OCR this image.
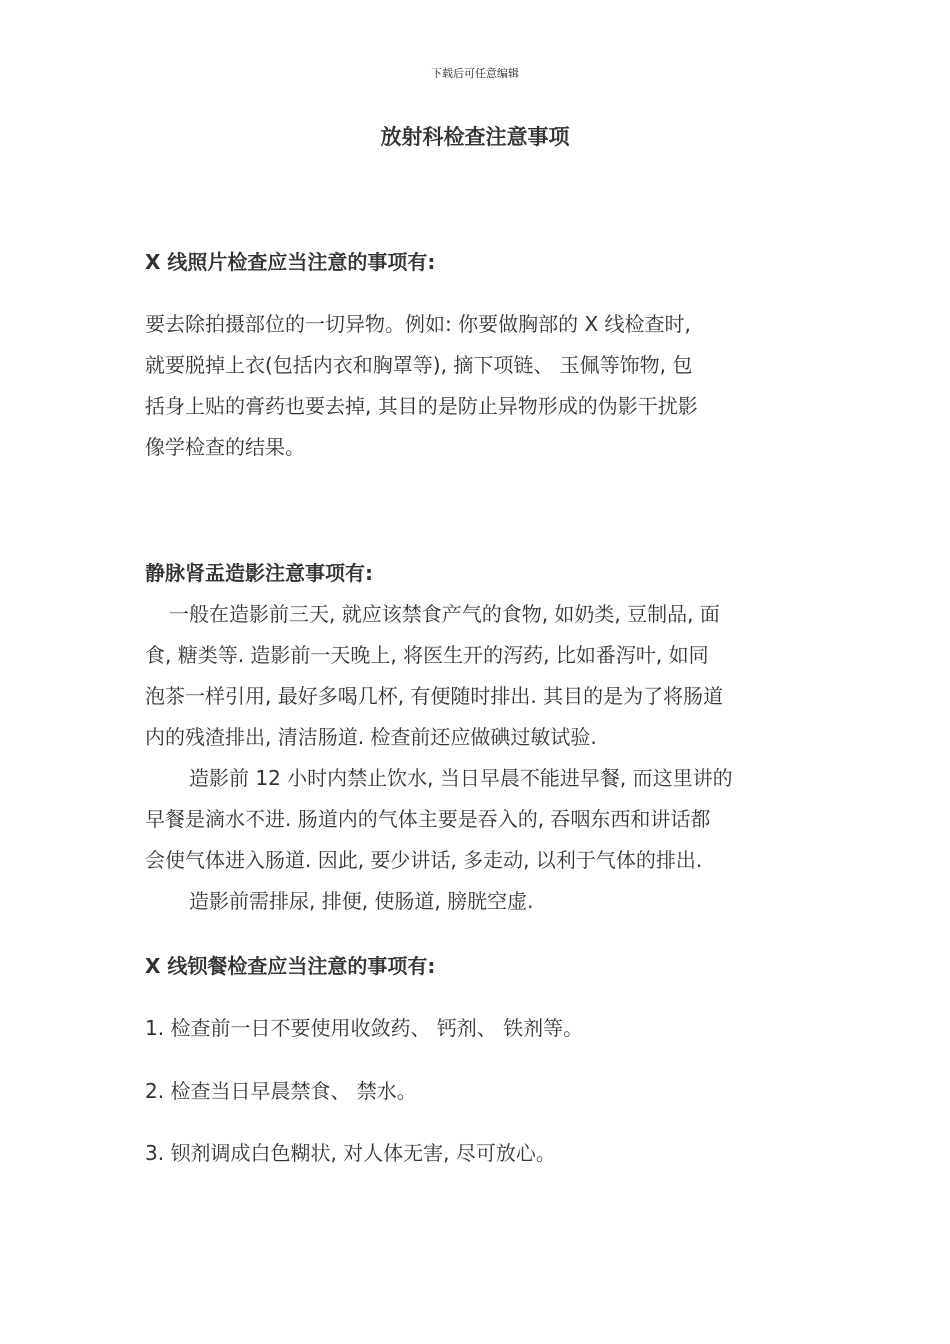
下载后可任意编辑
放射科检查注意事项
X 线照片检查应当注意的事项有:
要去除拍摄部位的一切异物。例如: 你要做胸部的 X 线检查时,
就要脱掉上衣(包括内衣和胸罩等), 摘下项链、 玉佩等饰物, 包
括身上贴的膏药也要去掉, 其目的是防止异物形成的伪影干扰影
像学检查的结果。
静脉肾盂造影注意事项有:
一般在造影前三天, 就应该禁食产气的食物, 如奶类, 豆制品, 面
食, 糖类等. 造影前一天晚上, 将医生开的泻药, 比如番泻叶, 如同
泡茶一样引用, 最好多喝几杯, 有便随时排出. 其目的是为了将肠道
内的残渣排出, 清洁肠道. 检查前还应做碘过敏试验.
造影前 12 小时内禁止饮水, 当日早晨不能进早餐, 而这里讲的
早餐是滴水不进. 肠道内的气体主要是吞入的, 吞咽东西和讲话都
会使气体进入肠道. 因此, 要少讲话, 多走动, 以利于气体的排出.
造影前需排尿, 排便, 使肠道, 膀胱空虚.
X 线钡餐检查应当注意的事项有:
1. 检查前一日不要使用收敛药、 钙剂、 铁剂等。
2. 检查当日早晨禁食、 禁水。
3. 钡剂调成白色糊状, 对人体无害, 尽可放心。
